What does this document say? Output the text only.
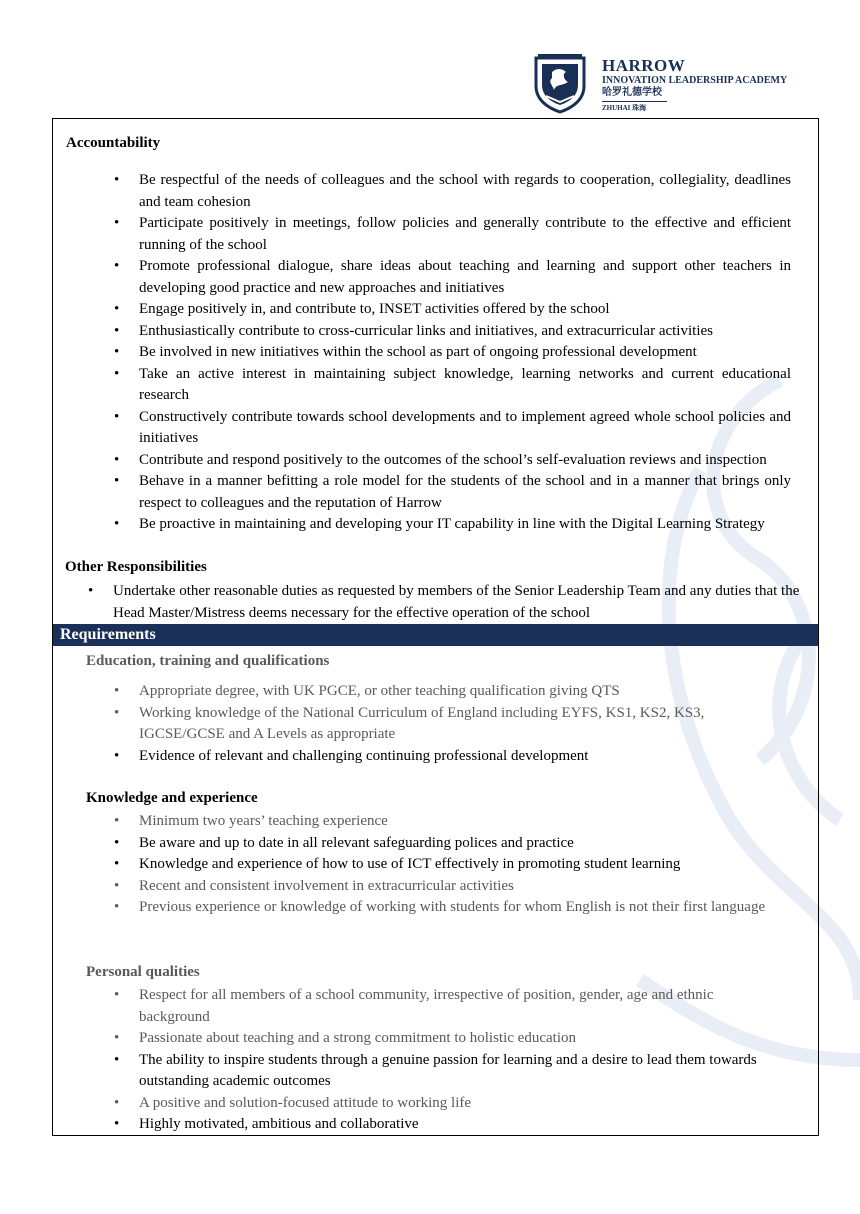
HARROW
INNOVATION LEADERSHIP ACADEMY
哈罗礼德学校
ZHUHAI 珠海
Accountability
• Be respectful of the needs of colleagues and the school with regards to cooperation, collegiality, deadlines and team cohesion
• Participate positively in meetings, follow policies and generally contribute to the effective and efficient running of the school
• Promote professional dialogue, share ideas about teaching and learning and support other teachers in developing good practice and new approaches and initiatives
• Engage positively in, and contribute to, INSET activities offered by the school
• Enthusiastically contribute to cross-curricular links and initiatives, and extracurricular activities
• Be involved in new initiatives within the school as part of ongoing professional development
• Take an active interest in maintaining subject knowledge, learning networks and current educational research
• Constructively contribute towards school developments and to implement agreed whole school policies and initiatives
• Contribute and respond positively to the outcomes of the school’s self-evaluation reviews and inspection
• Behave in a manner befitting a role model for the students of the school and in a manner that brings only respect to colleagues and the reputation of Harrow
• Be proactive in maintaining and developing your IT capability in line with the Digital Learning Strategy
Other Responsibilities
• Undertake other reasonable duties as requested by members of the Senior Leadership Team and any duties that the Head Master/Mistress deems necessary for the effective operation of the school
Requirements
Education, training and qualifications
• Appropriate degree, with UK PGCE, or other teaching qualification giving QTS
• Working knowledge of the National Curriculum of England including EYFS, KS1, KS2, KS3, IGCSE/GCSE and A Levels as appropriate
• Evidence of relevant and challenging continuing professional development
Knowledge and experience
• Minimum two years’ teaching experience
• Be aware and up to date in all relevant safeguarding polices and practice
• Knowledge and experience of how to use of ICT effectively in promoting student learning
• Recent and consistent involvement in extracurricular activities
• Previous experience or knowledge of working with students for whom English is not their first language
Personal qualities
• Respect for all members of a school community, irrespective of position, gender, age and ethnic background
• Passionate about teaching and a strong commitment to holistic education
• The ability to inspire students through a genuine passion for learning and a desire to lead them towards outstanding academic outcomes
• A positive and solution-focused attitude to working life
• Highly motivated, ambitious and collaborative
